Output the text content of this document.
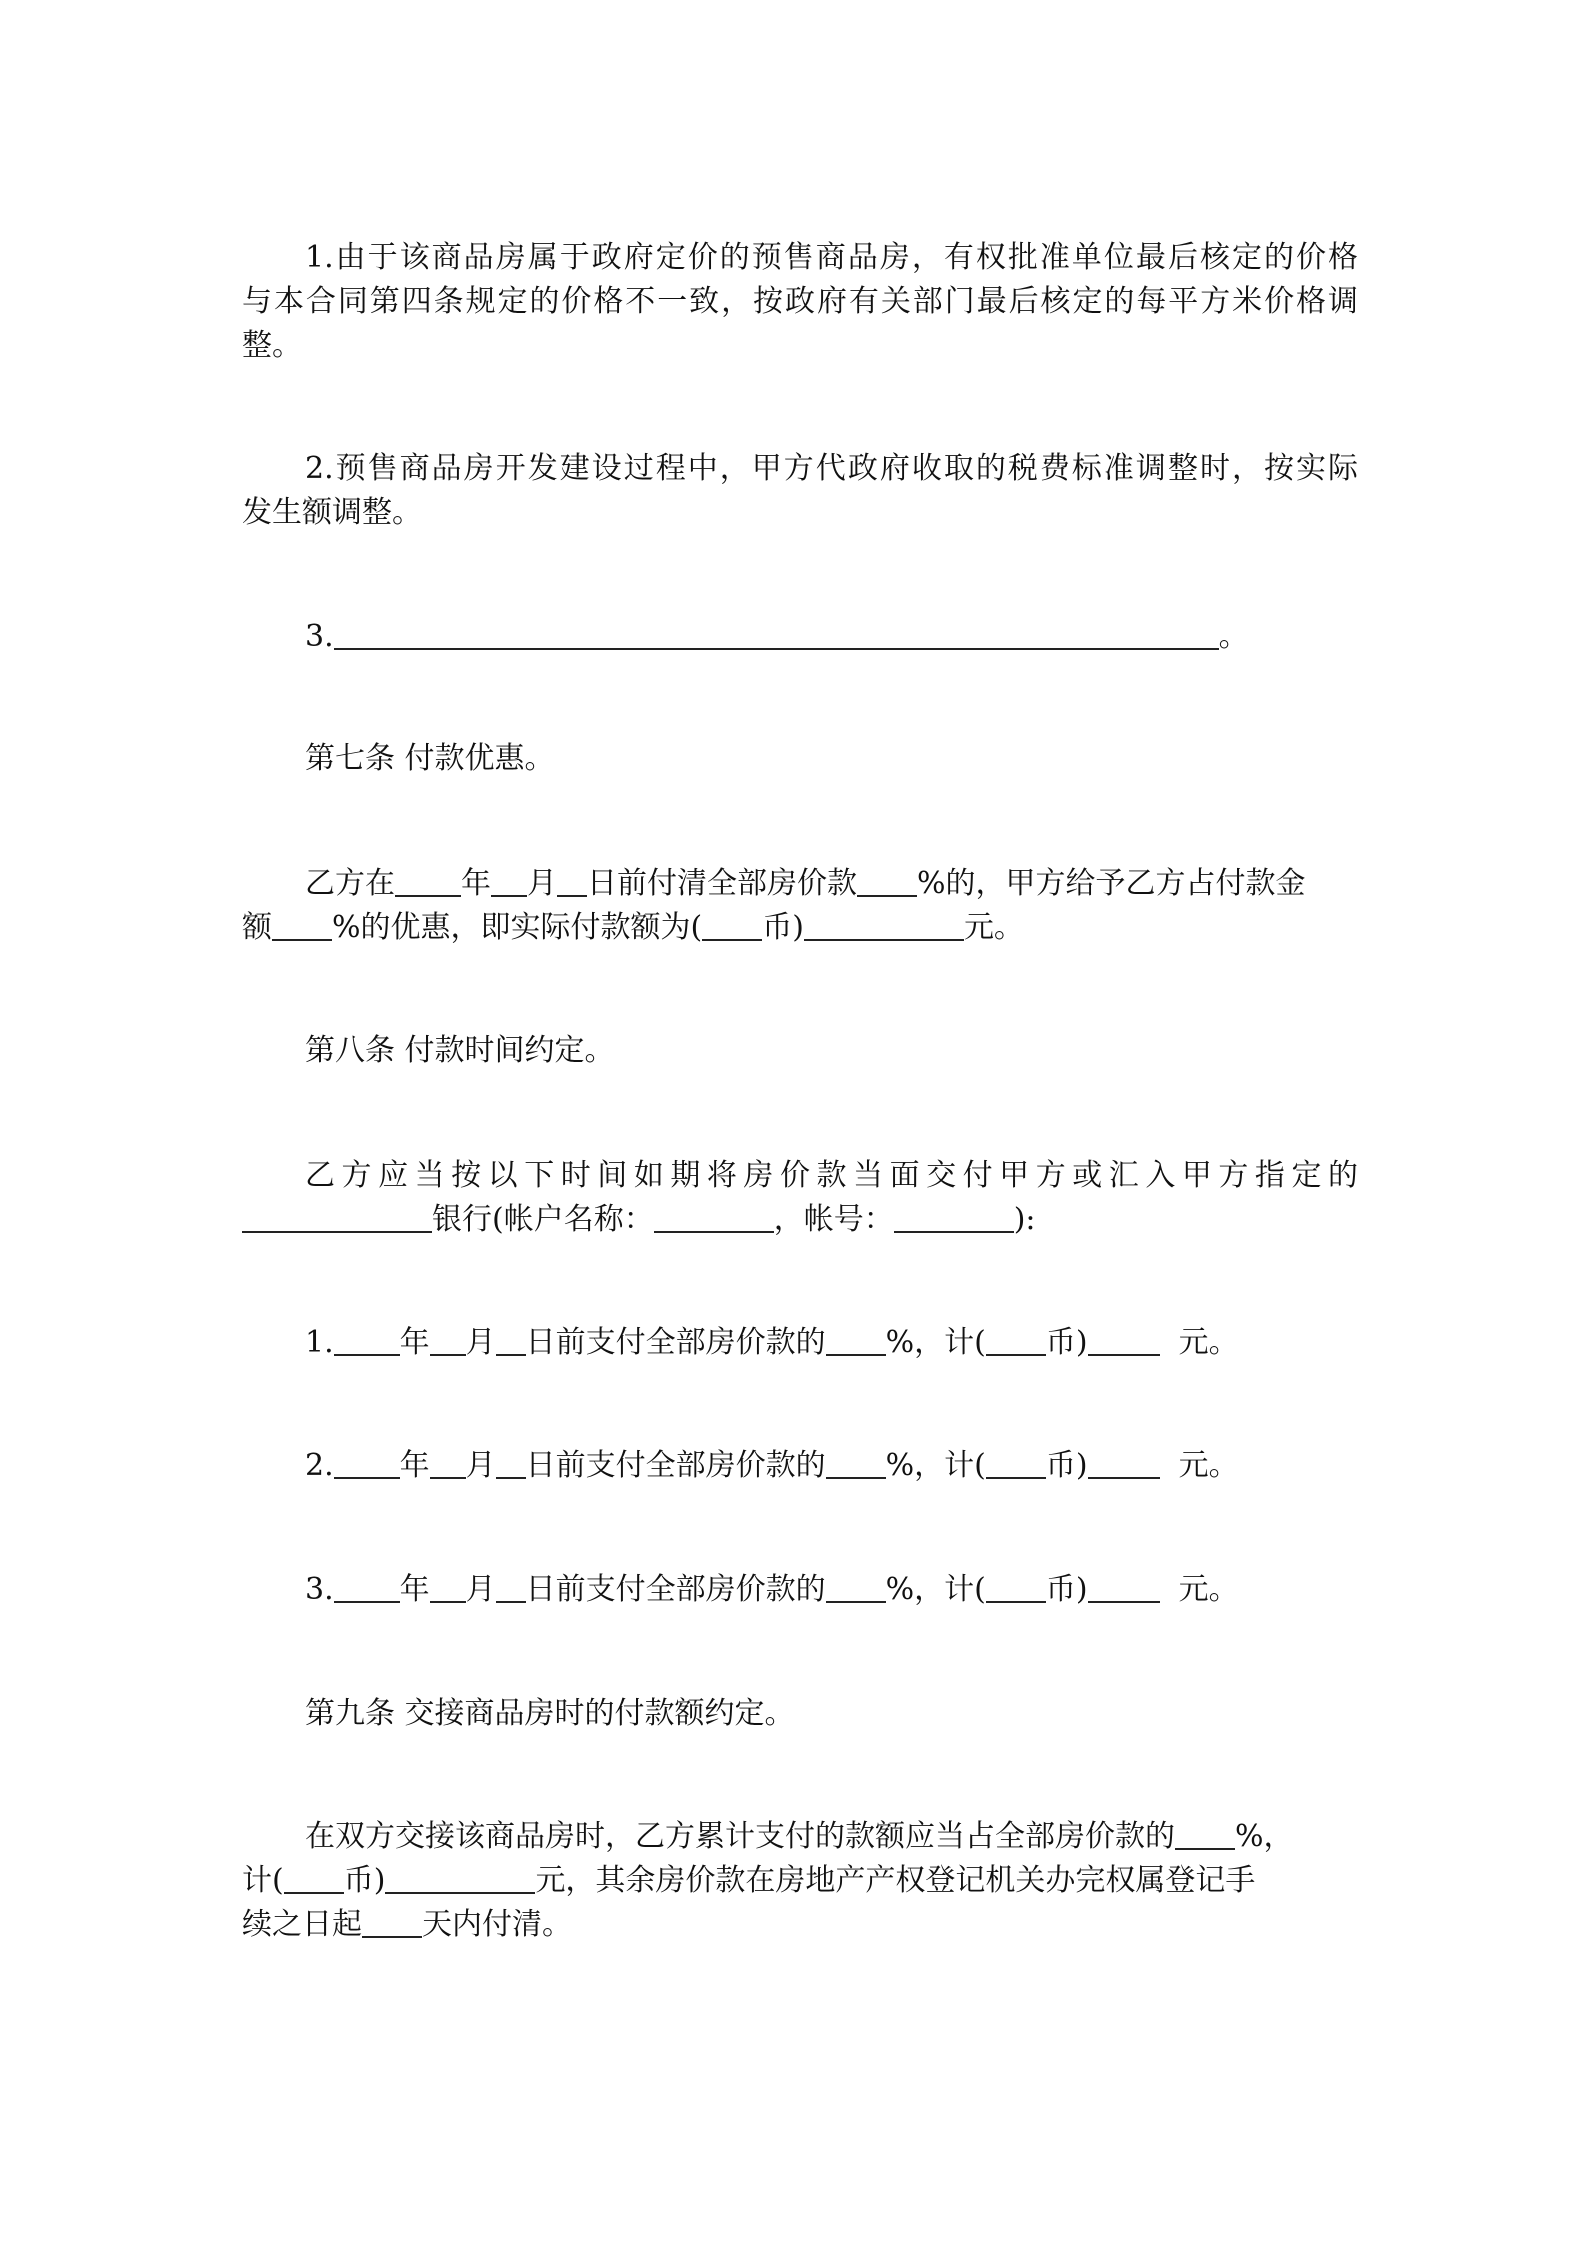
1.由于该商品房属于政府定价的预售商品房，有权批准单位最后核定的价格
与本合同第四条规定的价格不一致，按政府有关部门最后核定的每平方米价格调
整。
2.预售商品房开发建设过程中，甲方代政府收取的税费标准调整时，按实际
发生额调整。
3.	。
第七条 付款优惠。
乙方在 年 月 日前付清全部房价款 %的，甲方给予乙方占付款金
额 %的优惠，即实际付款额为( 币)	元。
第八条 付款时间约定。
乙方应当按以下时间如期将房价款当面交付甲方或汇入甲方指定的
银行(帐户名称：	，帐号：	):
1. 年 月 日前支付全部房价款的 %，计( 币)	元。
2. 年 月 日前支付全部房价款的 %，计( 币)	元。
3. 年 月 日前支付全部房价款的 %，计( 币)	元。
第九条 交接商品房时的付款额约定。
在双方交接该商品房时，乙方累计支付的款额应当占全部房价款的 %，
计( 币)	元，其余房价款在房地产产权登记机关办完权属登记手
续之日起 天内付清。
